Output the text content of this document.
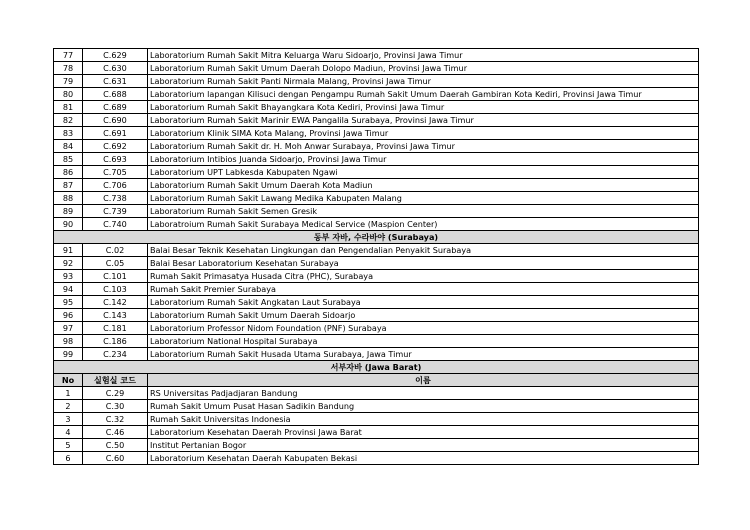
77	C.629	Laboratorium Rumah Sakit Mitra Keluarga Waru Sidoarjo, Provinsi Jawa Timur
78	C.630	Laboratorium Rumah Sakit Umum Daerah Dolopo Madiun, Provinsi Jawa Timur
79	C.631	Laboratorium Rumah Sakit Panti Nirmala Malang, Provinsi Jawa Timur
80	C.688	Laboratorium lapangan Kilisuci dengan Pengampu Rumah Sakit Umum Daerah Gambiran Kota Kediri, Provinsi Jawa Timur
81	C.689	Laboratorium Rumah Sakit Bhayangkara Kota Kediri, Provinsi Jawa Timur
82	C.690	Laboratorium Rumah Sakit Marinir EWA Pangalila Surabaya, Provinsi Jawa Timur
83	C.691	Laboratorium Klinik SIMA Kota Malang, Provinsi Jawa Timur
84	C.692	Laboratorium Rumah Sakit dr. H. Moh Anwar Surabaya, Provinsi Jawa Timur
85	C.693	Laboratorium Intibios Juanda Sidoarjo, Provinsi Jawa Timur
86	C.705	Laboratorium UPT Labkesda Kabupaten Ngawi
87	C.706	Laboratorium Rumah Sakit Umum Daerah Kota Madiun
88	C.738	Laboratorium Rumah Sakit Lawang Medika Kabupaten Malang
89	C.739	Laboratorium Rumah Sakit Semen Gresik
90	C.740	Laboratroium Rumah Sakit Surabaya Medical Service (Maspion Center)
동부 자바, 수라바야 (Surabaya)		
91	C.02	Balai Besar Teknik Kesehatan Lingkungan dan Pengendalian Penyakit Surabaya
92	C.05	Balai Besar Laboratorium Kesehatan Surabaya
93	C.101	Rumah Sakit Primasatya Husada Citra (PHC), Surabaya
94	C.103	Rumah Sakit Premier Surabaya
95	C.142	Laboratorium Rumah Sakit Angkatan Laut Surabaya
96	C.143	Laboratorium Rumah Sakit Umum Daerah Sidoarjo
97	C.181	Laboratorium Professor Nidom Foundation (PNF) Surabaya
98	C.186	Laboratorium National Hospital Surabaya
99	C.234	Laboratorium Rumah Sakit Husada Utama Surabaya, Jawa Timur
서부자바 (Jawa Barat)		
No	실험실 코드	이름
1	C.29	RS Universitas Padjadjaran Bandung
2	C.30	Rumah Sakit Umum Pusat Hasan Sadikin Bandung
3	C.32	Rumah Sakit Universitas Indonesia
4	C.46	Laboratorium Kesehatan Daerah Provinsi Jawa Barat
5	C.50	Institut Pertanian Bogor
6	C.60	Laboratorium Kesehatan Daerah Kabupaten Bekasi
